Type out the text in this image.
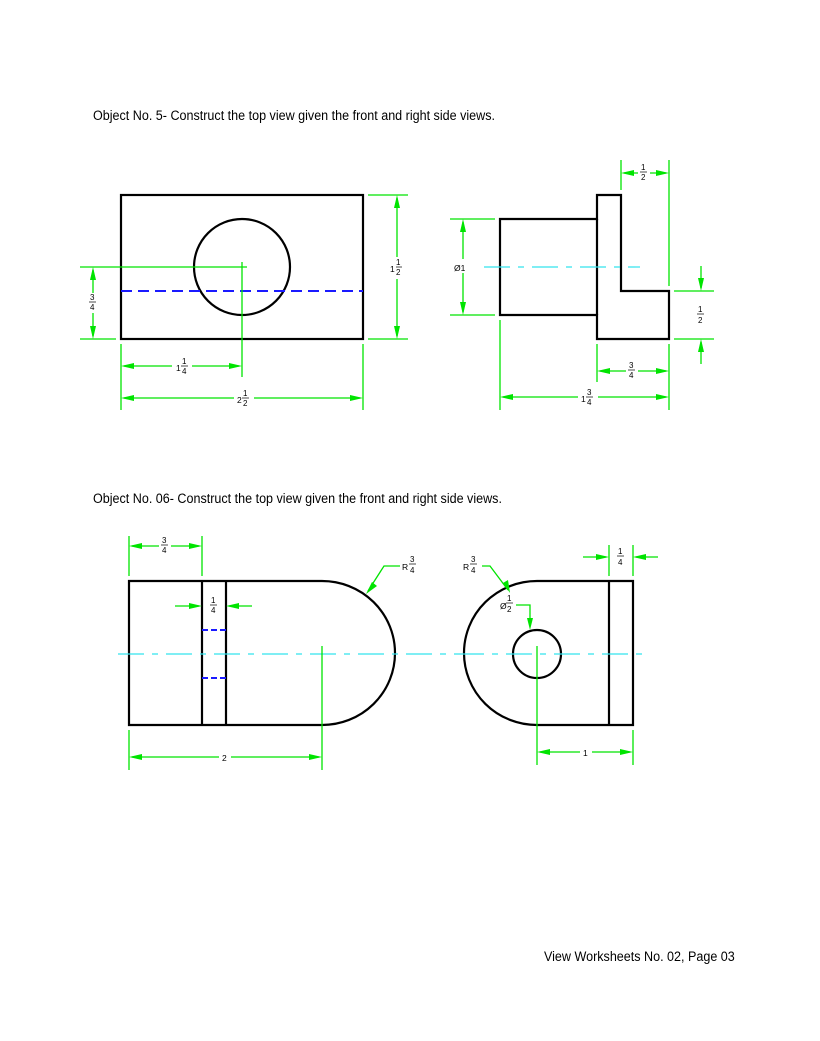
Object No. 5- Construct the top view given the front and right side views.
Object No. 06- Construct the top view given the front and right side views.
View Worksheets No. 02, Page 03
1
1
2
3
4
1
1
4
2
1
2
Ø1
1
2
1
2
3
4
1
3
4
3
4
1
4
R
3
4
2
R
3
4
Ø
1
2
1
4
1
